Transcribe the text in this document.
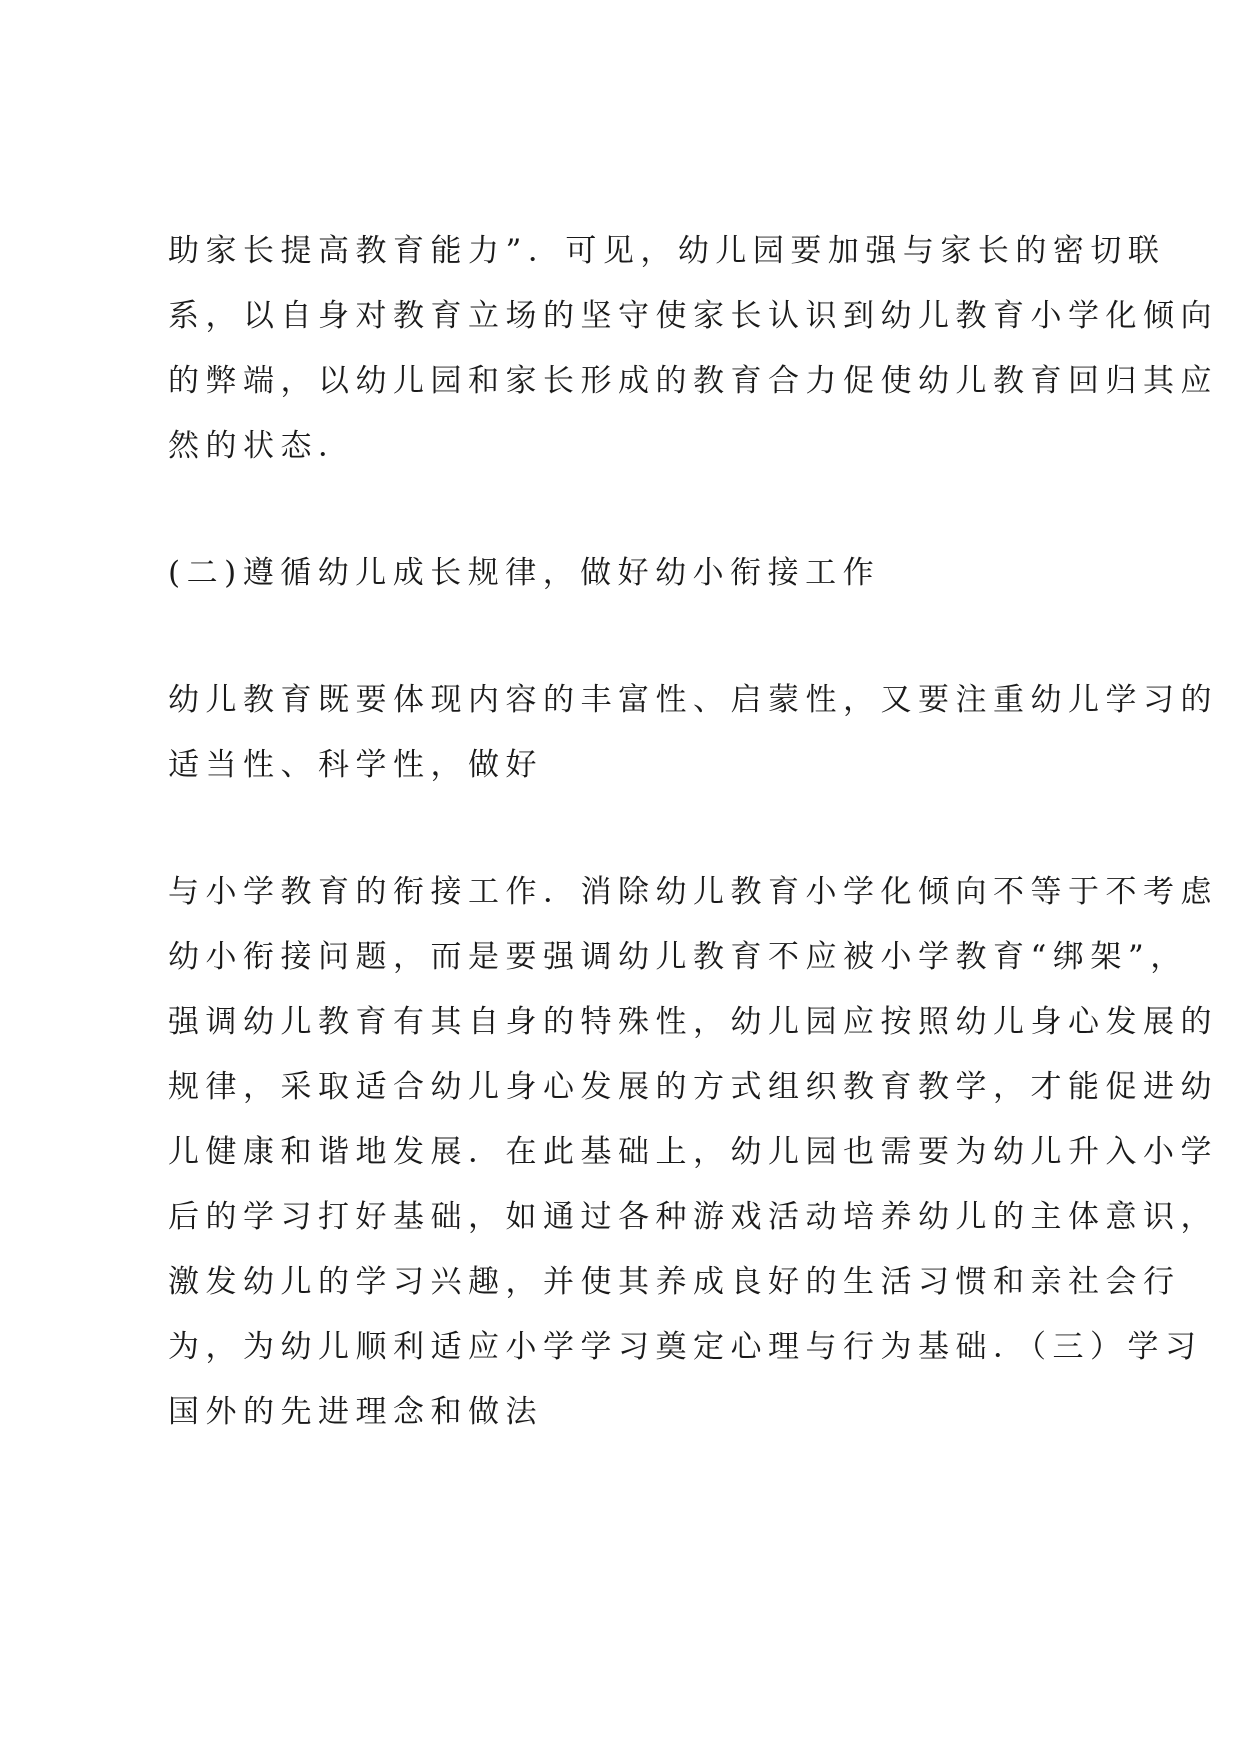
助家长提高教育能力”．可见，幼儿园要加强与家长的密切联
系，以自身对教育立场的坚守使家长认识到幼儿教育小学化倾向
的弊端，以幼儿园和家长形成的教育合力促使幼儿教育回归其应
然的状态．
(二)遵循幼儿成长规律，做好幼小衔接工作
幼儿教育既要体现内容的丰富性、启蒙性，又要注重幼儿学习的
适当性、科学性，做好
与小学教育的衔接工作．消除幼儿教育小学化倾向不等于不考虑
幼小衔接问题，而是要强调幼儿教育不应被小学教育“绑架”，
强调幼儿教育有其自身的特殊性，幼儿园应按照幼儿身心发展的
规律，采取适合幼儿身心发展的方式组织教育教学，才能促进幼
儿健康和谐地发展．在此基础上，幼儿园也需要为幼儿升入小学
后的学习打好基础，如通过各种游戏活动培养幼儿的主体意识，
激发幼儿的学习兴趣，并使其养成良好的生活习惯和亲社会行
为，为幼儿顺利适应小学学习奠定心理与行为基础．（三）学习
国外的先进理念和做法
